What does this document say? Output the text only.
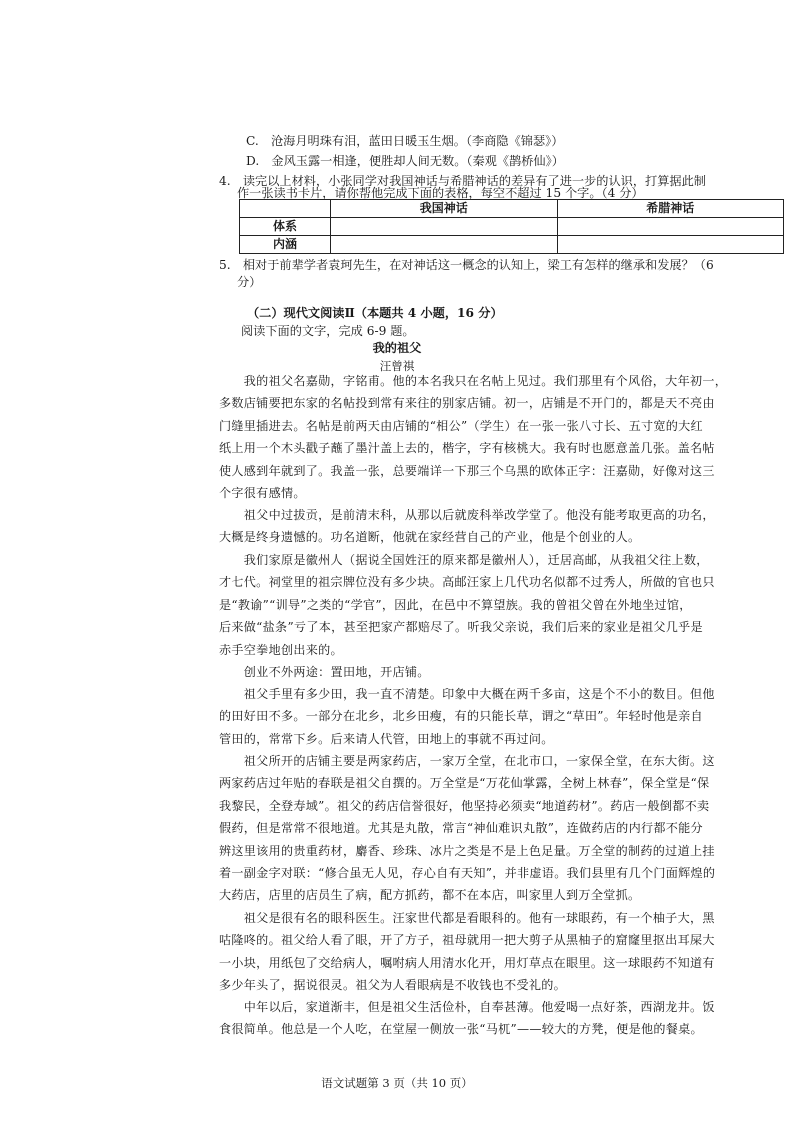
C.　沧海月明珠有泪，蓝田日暖玉生烟。（李商隐《锦瑟》）
D.　金风玉露一相逢，便胜却人间无数。（秦观《鹊桥仙》）
4.　读完以上材料，小张同学对我国神话与希腊神话的差异有了进一步的认识，打算据此制
作一张读书卡片，请你帮他完成下面的表格，每空不超过 15 个字。（4 分）
	我国神话	希腊神话
体系		
内涵		
5.　相对于前辈学者袁珂先生，在对神话这一概念的认知上，梁工有怎样的继承和发展？（6
分）
（二）现代文阅读Ⅱ（本题共 4 小题，16 分）
阅读下面的文字，完成 6-9 题。
我的祖父
汪曾祺
　　我的祖父名嘉勋，字铭甫。他的本名我只在名帖上见过。我们那里有个风俗，大年初一，
多数店铺要把东家的名帖投到常有来往的别家店铺。初一，店铺是不开门的，都是天不亮由
门缝里插进去。名帖是前两天由店铺的“相公”（学生）在一张一张八寸长、五寸宽的大红
纸上用一个木头戳子蘸了墨汁盖上去的，楷字，字有核桃大。我有时也愿意盖几张。盖名帖
使人感到年就到了。我盖一张，总要端详一下那三个乌黑的欧体正字：汪嘉勋，好像对这三
个字很有感情。
　　祖父中过拔贡，是前清末科，从那以后就废科举改学堂了。他没有能考取更高的功名，
大概是终身遗憾的。功名道断，他就在家经营自己的产业，他是个创业的人。
　　我们家原是徽州人（据说全国姓汪的原来都是徽州人），迁居高邮，从我祖父往上数，
才七代。祠堂里的祖宗牌位没有多少块。高邮汪家上几代功名似都不过秀人，所做的官也只
是“教谕”“训导”之类的“学官”，因此，在邑中不算望族。我的曾祖父曾在外地坐过馆，
后来做“盐条”亏了本，甚至把家产都赔尽了。听我父亲说，我们后来的家业是祖父几乎是
赤手空拳地创出来的。
　　创业不外两途：置田地，开店铺。
　　祖父手里有多少田，我一直不清楚。印象中大概在两千多亩，这是个不小的数目。但他
的田好田不多。一部分在北乡，北乡田瘦，有的只能长草，谓之“草田”。年轻时他是亲自
管田的，常常下乡。后来请人代管，田地上的事就不再过问。
　　祖父所开的店铺主要是两家药店，一家万全堂，在北市口，一家保全堂，在东大街。这
两家药店过年贴的春联是祖父自撰的。万全堂是“万花仙掌露，全树上林春”，保全堂是“保
我黎民，全登寿域”。祖父的药店信誉很好，他坚持必须卖“地道药材”。药店一般倒都不卖
假药，但是常常不很地道。尤其是丸散，常言“神仙难识丸散”，连做药店的内行都不能分
辨这里该用的贵重药材，麝香、珍珠、冰片之类是不是上色足量。万全堂的制药的过道上挂
着一副金字对联：“修合虽无人见，存心自有天知”，并非虚语。我们县里有几个门面辉煌的
大药店，店里的店员生了病，配方抓药，都不在本店，叫家里人到万全堂抓。
　　祖父是很有名的眼科医生。汪家世代都是看眼科的。他有一球眼药，有一个柚子大，黑
咕隆咚的。祖父给人看了眼，开了方子，祖母就用一把大剪子从黑柚子的窟窿里抠出耳屎大
一小块，用纸包了交给病人，嘱咐病人用清水化开，用灯草点在眼里。这一球眼药不知道有
多少年头了，据说很灵。祖父为人看眼病是不收钱也不受礼的。
　　中年以后，家道渐丰，但是祖父生活俭朴，自奉甚薄。他爱喝一点好茶，西湖龙井。饭
食很简单。他总是一个人吃，在堂屋一侧放一张“马杌”——较大的方凳，便是他的餐桌。
语文试题第 3 页（共 10 页）
